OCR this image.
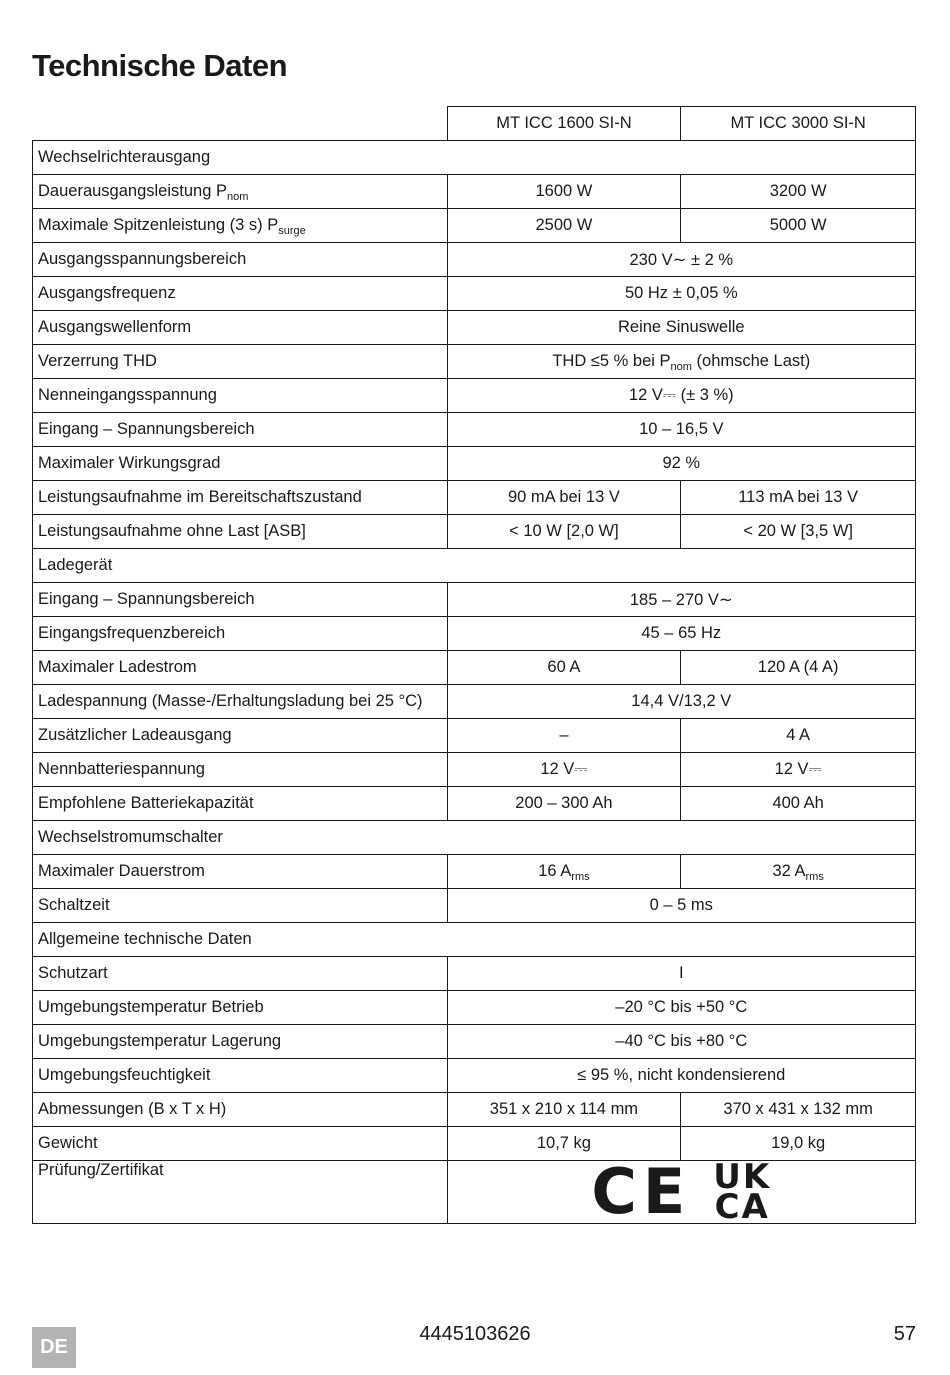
Technische Daten
	MT ICC 1600 SI-N	MT ICC 3000 SI-N
Wechselrichterausgang		
Dauerausgangsleistung $P_{nom}$	1600 W	3200 W
Maximale Spitzenleistung (3 s) $P_{surge}$	2500 W	5000 W
Ausgangsspannungsbereich	230 V∼ ± 2 %	
Ausgangsfrequenz	50 Hz ± 0,05 %	
Ausgangswellenform	Reine Sinuswelle	
Verzerrung THD	THD ≤5 % bei $P_{nom}$ (ohmsche Last)	
Nenneingangsspannung	12 V⎓ (± 3 %)	
Eingang – Spannungsbereich	10 – 16,5 V	
Maximaler Wirkungsgrad	92 %	
Leistungsaufnahme im Bereitschaftszustand	90 mA bei 13 V	113 mA bei 13 V
Leistungsaufnahme ohne Last [ASB]	< 10 W [2,0 W]	< 20 W [3,5 W]
Ladegerät		
Eingang – Spannungsbereich	185 – 270 V∼	
Eingangsfrequenzbereich	45 – 65 Hz	
Maximaler Ladestrom	60 A	120 A (4 A)
Ladespannung (Masse-/Erhaltungsladung bei 25 °C)	14,4 V/13,2 V	
Zusätzlicher Ladeausgang	–	4 A
Nennbatteriespannung	12 V⎓	12 V⎓
Empfohlene Batteriekapazität	200 – 300 Ah	400 Ah
Wechselstromumschalter		
Maximaler Dauerstrom	16 $A_{rms}$	32 $A_{rms}$
Schaltzeit	0 – 5 ms	
Allgemeine technische Daten		
Schutzart	I	
Umgebungstemperatur Betrieb	–20 °C bis +50 °C	
Umgebungstemperatur Lagerung	–40 °C bis +80 °C	
Umgebungsfeuchtigkeit	≤ 95 %, nicht kondensierend	
Abmessungen (B x T x H)	351 x 210 x 114 mm	370 x 431 x 132 mm
Gewicht	10,7 kg	19,0 kg
Prüfung/Zertifikat	CE UK
CA	
DE
4445103626	57
